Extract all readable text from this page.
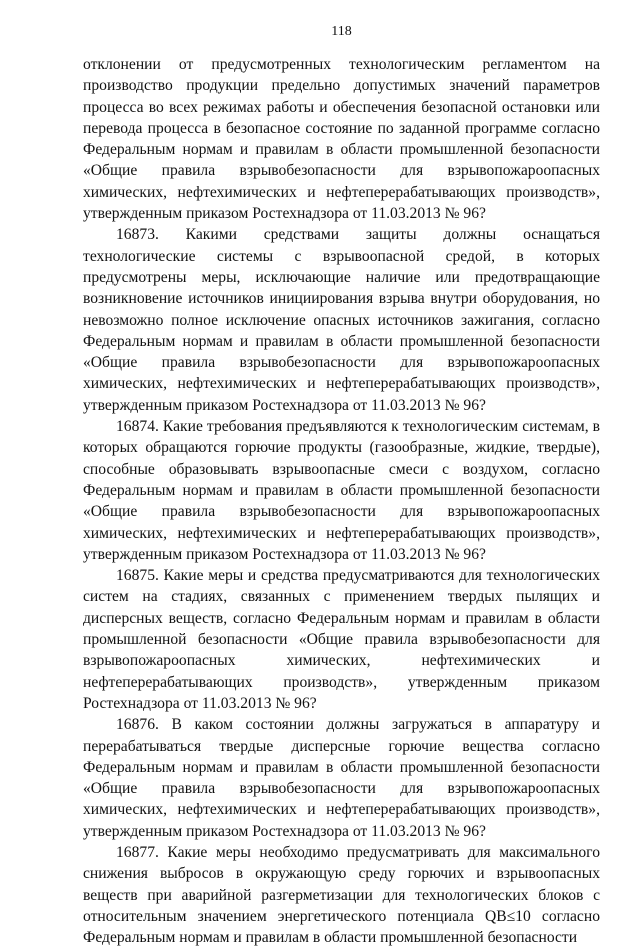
118

отклонении от предусмотренных технологическим регламентом на производство продукции предельно допустимых значений параметров процесса во всех режимах работы и обеспечения безопасной остановки или перевода процесса в безопасное состояние по заданной программе согласно Федеральным нормам и правилам в области промышленной безопасности «Общие правила взрывобезопасности для взрывопожароопасных химических, нефтехимических и нефтеперерабатывающих производств», утвержденным приказом Ростехнадзора от 11.03.2013 № 96?

16873. Какими средствами защиты должны оснащаться технологические системы с взрывоопасной средой, в которых предусмотрены меры, исключающие наличие или предотвращающие возникновение источников инициирования взрыва внутри оборудования, но невозможно полное исключение опасных источников зажигания, согласно Федеральным нормам и правилам в области промышленной безопасности «Общие правила взрывобезопасности для взрывопожароопасных химических, нефтехимических и нефтеперерабатывающих производств», утвержденным приказом Ростехнадзора от 11.03.2013 № 96?

16874. Какие требования предъявляются к технологическим системам, в которых обращаются горючие продукты (газообразные, жидкие, твердые), способные образовывать взрывоопасные смеси с воздухом, согласно Федеральным нормам и правилам в области промышленной безопасности «Общие правила взрывобезопасности для взрывопожароопасных химических, нефтехимических и нефтеперерабатывающих производств», утвержденным приказом Ростехнадзора от 11.03.2013 № 96?

16875. Какие меры и средства предусматриваются для технологических систем на стадиях, связанных с применением твердых пылящих и дисперсных веществ, согласно Федеральным нормам и правилам в области промышленной безопасности «Общие правила взрывобезопасности для взрывопожароопасных химических, нефтехимических и нефтеперерабатывающих производств», утвержденным приказом Ростехнадзора от 11.03.2013 № 96?

16876. В каком состоянии должны загружаться в аппаратуру и перерабатываться твердые дисперсные горючие вещества согласно Федеральным нормам и правилам в области промышленной безопасности «Общие правила взрывобезопасности для взрывопожароопасных химических, нефтехимических и нефтеперерабатывающих производств», утвержденным приказом Ростехнадзора от 11.03.2013 № 96?

16877. Какие меры необходимо предусматривать для максимального снижения выбросов в окружающую среду горючих и взрывоопасных веществ при аварийной разгерметизации для технологических блоков с относительным значением энергетического потенциала QB≤10 согласно Федеральным нормам и правилам в области промышленной безопасности
